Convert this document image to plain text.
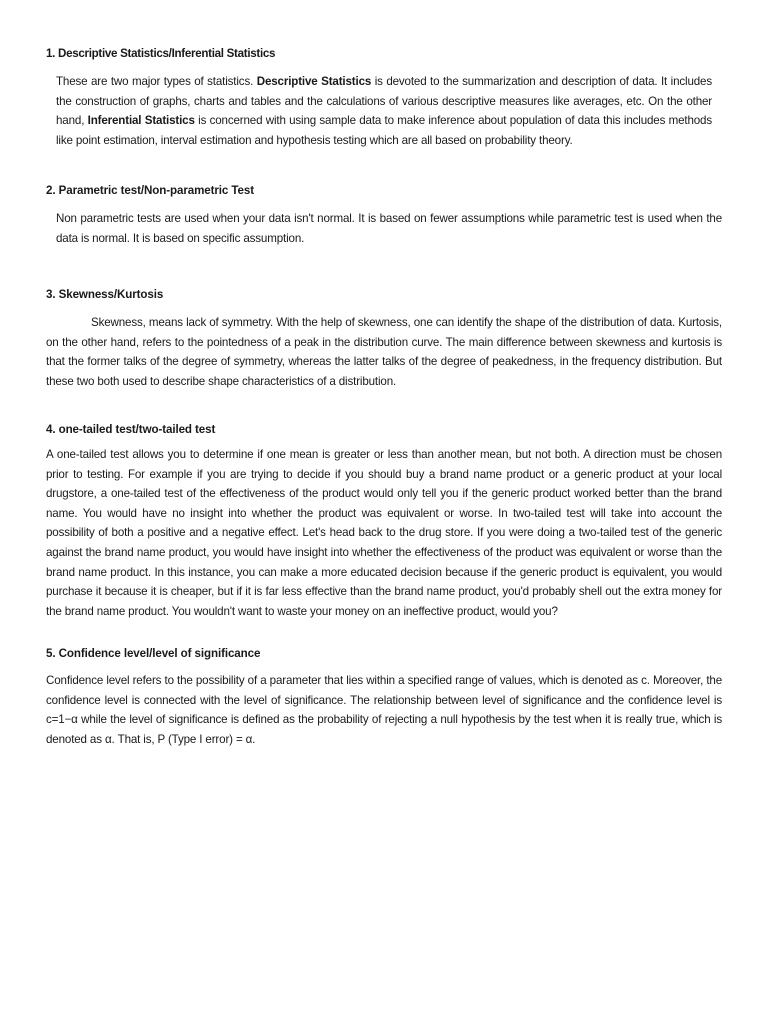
1. Descriptive Statistics/Inferential Statistics

These are two major types of statistics. Descriptive Statistics is devoted to the summarization and description of data. It includes the construction of graphs, charts and tables and the calculations of various descriptive measures like averages, etc. On the other hand, Inferential Statistics is concerned with using sample data to make inference about population of data this includes methods like point estimation, interval estimation and hypothesis testing which are all based on probability theory.

2. Parametric test/Non-parametric Test

Non parametric tests are used when your data isn't normal. It is based on fewer assumptions while parametric test is used when the data is normal. It is based on specific assumption.

3. Skewness/Kurtosis

Skewness, means lack of symmetry. With the help of skewness, one can identify the shape of the distribution of data. Kurtosis, on the other hand, refers to the pointedness of a peak in the distribution curve. The main difference between skewness and kurtosis is that the former talks of the degree of symmetry, whereas the latter talks of the degree of peakedness, in the frequency distribution. But these two both used to describe shape characteristics of a distribution.

4. one-tailed test/two-tailed test

A one-tailed test allows you to determine if one mean is greater or less than another mean, but not both. A direction must be chosen prior to testing. For example if you are trying to decide if you should buy a brand name product or a generic product at your local drugstore, a one-tailed test of the effectiveness of the product would only tell you if the generic product worked better than the brand name. You would have no insight into whether the product was equivalent or worse. In two-tailed test will take into account the possibility of both a positive and a negative effect. Let's head back to the drug store. If you were doing a two-tailed test of the generic against the brand name product, you would have insight into whether the effectiveness of the product was equivalent or worse than the brand name product. In this instance, you can make a more educated decision because if the generic product is equivalent, you would purchase it because it is cheaper, but if it is far less effective than the brand name product, you'd probably shell out the extra money for the brand name product. You wouldn't want to waste your money on an ineffective product, would you?

5. Confidence level/level of significance

Confidence level refers to the possibility of a parameter that lies within a specified range of values, which is denoted as c. Moreover, the confidence level is connected with the level of significance. The relationship between level of significance and the confidence level is c=1−α while the level of significance is defined as the probability of rejecting a null hypothesis by the test when it is really true, which is denoted as α. That is, P (Type I error) = α.
